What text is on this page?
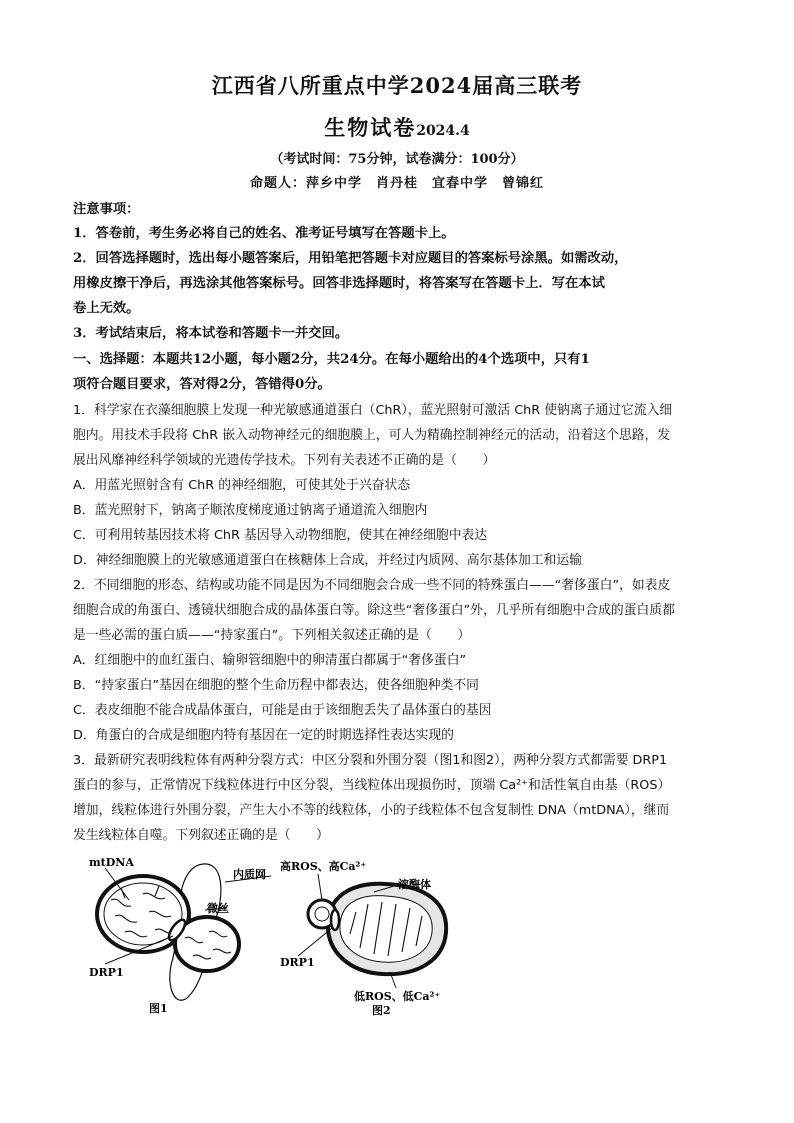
江西省八所重点中学2024届高三联考
生物试卷2024.4
（考试时间：75分钟，试卷满分：100分）
命题人：萍乡中学　肖丹桂　宜春中学　曾锦红
注意事项：
1．答卷前，考生务必将自己的姓名、准考证号填写在答题卡上。
2．回答选择题时，选出每小题答案后，用铅笔把答题卡对应题目的答案标号涂黑。如需改动，
用橡皮擦干净后，再选涂其他答案标号。回答非选择题时，将答案写在答题卡上．写在本试
卷上无效。
3．考试结束后，将本试卷和答题卡一并交回。
一、选择题：本题共12小题，每小题2分，共24分。在每小题给出的4个选项中，只有1
项符合题目要求，答对得2分，答错得0分。
1．科学家在衣藻细胞膜上发现一种光敏感通道蛋白（ChR），蓝光照射可激活 ChR 使钠离子通过它流入细
胞内。用技术手段将 ChR 嵌入动物神经元的细胞膜上，可人为精确控制神经元的活动，沿着这个思路，发
展出风靡神经科学领域的光遗传学技术。下列有关表述不正确的是（　　）
A．用蓝光照射含有 ChR 的神经细胞，可使其处于兴奋状态
B．蓝光照射下，钠离子顺浓度梯度通过钠离子通道流入细胞内
C．可利用转基因技术将 ChR 基因导入动物细胞，使其在神经细胞中表达
D．神经细胞膜上的光敏感通道蛋白在核糖体上合成，并经过内质网、高尔基体加工和运输
2．不同细胞的形态、结构或功能不同是因为不同细胞会合成一些不同的特殊蛋白——“奢侈蛋白”，如表皮
细胞合成的角蛋白、透镜状细胞合成的晶体蛋白等。除这些“奢侈蛋白”外，几乎所有细胞中合成的蛋白质都
是一些必需的蛋白质——“持家蛋白”。下列相关叙述正确的是（　　）
A．红细胞中的血红蛋白、输卵管细胞中的卵清蛋白都属于“奢侈蛋白”
B．“持家蛋白”基因在细胞的整个生命历程中都表达，使各细胞种类不同
C．表皮细胞不能合成晶体蛋白，可能是由于该细胞丢失了晶体蛋白的基因
D．角蛋白的合成是细胞内特有基因在一定的时期选择性表达实现的
3．最新研究表明线粒体有两种分裂方式：中区分裂和外围分裂（图1和图2），两种分裂方式都需要 DRP1
蛋白的参与，正常情况下线粒体进行中区分裂，当线粒体出现损伤时，顶端 Ca²⁺和活性氧自由基（ROS）
增加，线粒体进行外围分裂，产生大小不等的线粒体，小的子线粒体不包含复制性 DNA（mtDNA），继而
发生线粒体自噬。下列叙述正确的是（　　）
mtDNA
内质网
微丝
DRP1
图1
高ROS、高Ca²⁺
溶酶体
DRP1
低ROS、低Ca²⁺
图2
